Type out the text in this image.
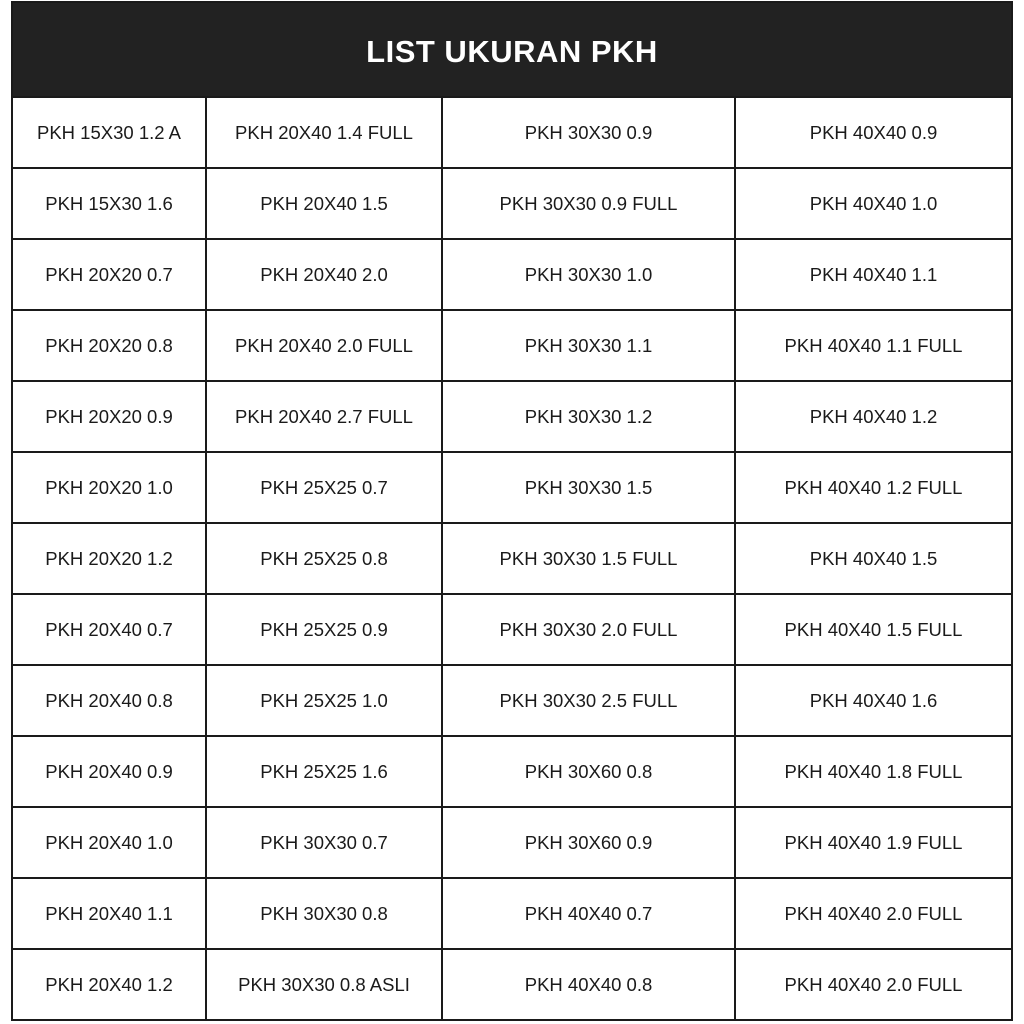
LIST UKURAN PKH
PKH 15X30 1.2 A	PKH 20X40 1.4 FULL	PKH 30X30 0.9	PKH 40X40 0.9
PKH 15X30 1.6	PKH 20X40 1.5	PKH 30X30 0.9 FULL	PKH 40X40 1.0
PKH 20X20 0.7	PKH 20X40 2.0	PKH 30X30 1.0	PKH 40X40 1.1
PKH 20X20 0.8	PKH 20X40 2.0 FULL	PKH 30X30 1.1	PKH 40X40 1.1 FULL
PKH 20X20 0.9	PKH 20X40 2.7 FULL	PKH 30X30 1.2	PKH 40X40 1.2
PKH 20X20 1.0	PKH 25X25 0.7	PKH 30X30 1.5	PKH 40X40 1.2 FULL
PKH 20X20 1.2	PKH 25X25 0.8	PKH 30X30 1.5 FULL	PKH 40X40 1.5
PKH 20X40 0.7	PKH 25X25 0.9	PKH 30X30 2.0 FULL	PKH 40X40 1.5 FULL
PKH 20X40 0.8	PKH 25X25 1.0	PKH 30X30 2.5 FULL	PKH 40X40 1.6
PKH 20X40 0.9	PKH 25X25 1.6	PKH 30X60 0.8	PKH 40X40 1.8 FULL
PKH 20X40 1.0	PKH 30X30 0.7	PKH 30X60 0.9	PKH 40X40 1.9 FULL
PKH 20X40 1.1	PKH 30X30 0.8	PKH 40X40 0.7	PKH 40X40 2.0 FULL
PKH 20X40 1.2	PKH 30X30 0.8 ASLI	PKH 40X40 0.8	PKH 40X40 2.0 FULL
